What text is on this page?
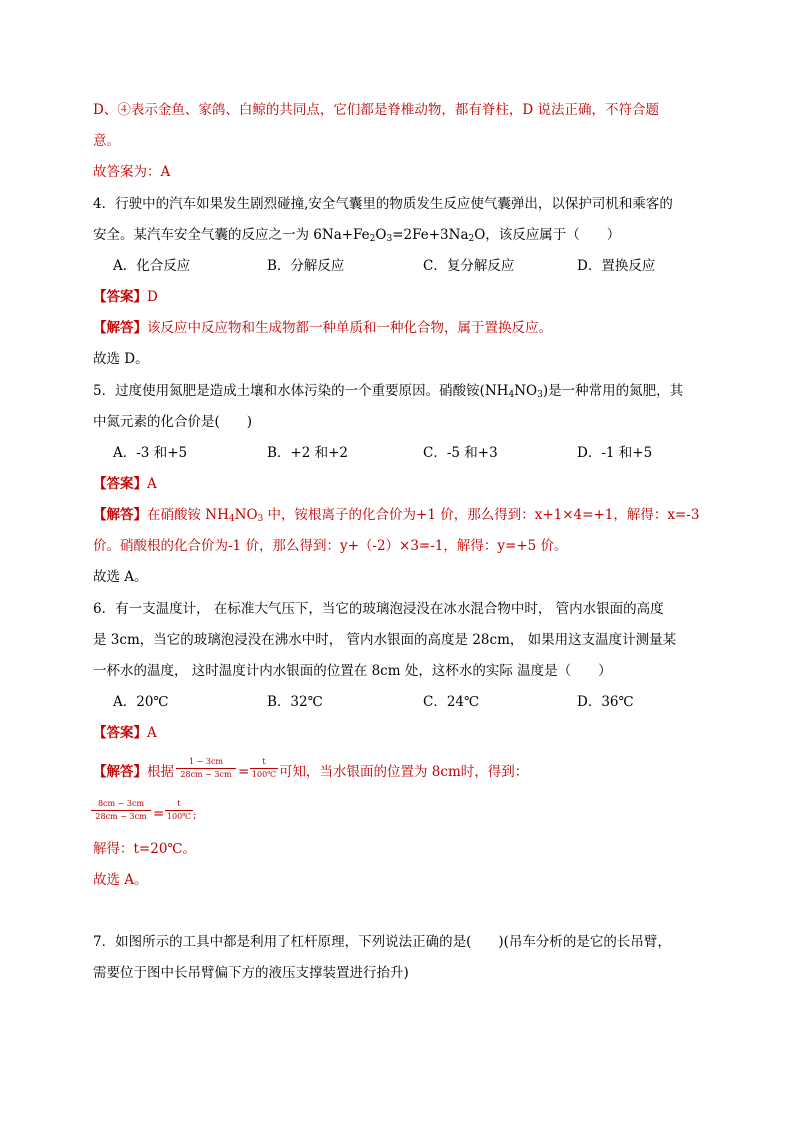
D、④表示金鱼、家鸽、白鲸的共同点，它们都是脊椎动物，都有脊柱，D 说法正确，不符合题
意。
故答案为：A
4．行驶中的汽车如果发生剧烈碰撞,安全气囊里的物质发生反应使气囊弹出，以保护司机和乘客的
安全。某汽车安全气囊的反应之一为 $6Na+Fe_2O_3=2Fe+3Na_2O$，该反应属于（　　）
A．化合反应	B．分解反应	C．复分解反应	D．置换反应
【答案】D
【解答】该反应中反应物和生成物都一种单质和一种化合物，属于置换反应。
故选 D。
5．过度使用氮肥是造成土壤和水体污染的一个重要原因。硝酸铵$(NH_4NO_3)$是一种常用的氮肥，其
中氮元素的化合价是(　　)
A．-3 和+5	B．+2 和+2	C．-5 和+3	D．-1 和+5
【答案】A
【解答】在硝酸铵 $NH_4NO_3$ 中，铵根离子的化合价为+1 价，那么得到：x+1×4=+1，解得：x=-3
价。硝酸根的化合价为-1 价，那么得到：y+（-2）×3=-1，解得：y=+5 价。
故选 A。
6．有一支温度计， 在标准大气压下，当它的玻璃泡浸没在冰水混合物中时， 管内水银面的高度
是 3cm，当它的玻璃泡浸没在沸水中时， 管内水银面的高度是 28cm， 如果用这支温度计测量某
一杯水的温度， 这时温度计内水银面的位置在 8cm 处，这杯水的实际 温度是（　　）
A．20℃	B．32℃	C．24℃	D．36℃
【答案】A
【解答】根据
1 − 3cm
28cm − 3cm =
t
100℃ 可知，当水银面的位置为 8cm时，得到：
8cm − 3cm
28cm − 3cm =
t
100℃ ;
解得：t=20℃。
故选 A。
7．如图所示的工具中都是利用了杠杆原理，下列说法正确的是(　　)(吊车分析的是它的长吊臂，
需要位于图中长吊臂偏下方的液压支撑装置进行抬升)
